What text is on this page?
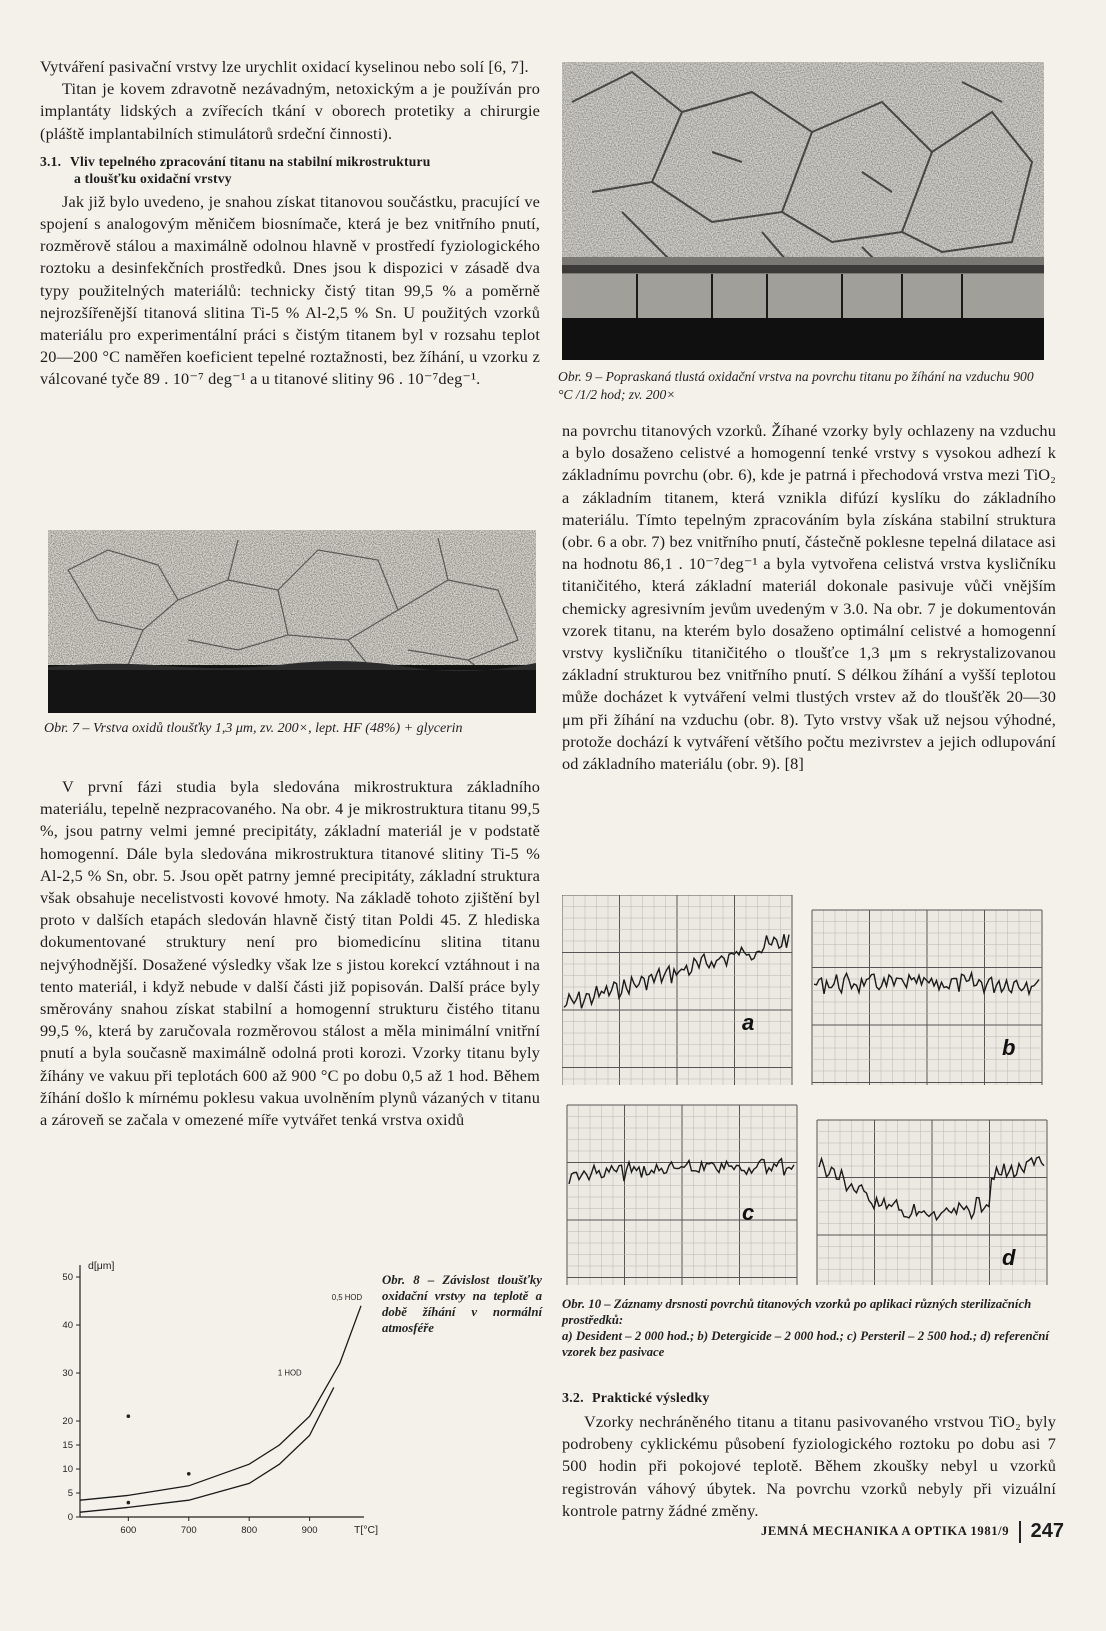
Vytváření pasivační vrstvy lze urychlit oxidací kyselinou nebo solí [6, 7].

Titan je kovem zdravotně nezávadným, netoxickým a je používán pro implantáty lidských a zvířecích tkání v oborech protetiky a chirurgie (pláště implantabilních stimulátorů srdeční činnosti).

3.1. Vliv tepelného zpracování titanu na stabilní mikrostrukturu
a tloušťku oxidační vrstvy

Jak již bylo uvedeno, je snahou získat titanovou součástku, pracující ve spojení s analogovým měničem biosnímače, která je bez vnitřního pnutí, rozměrově stálou a maximálně odolnou hlavně v prostředí fyziologického roztoku a desinfekčních prostředků. Dnes jsou k dispozici v zásadě dva typy použitelných materiálů: technicky čistý titan 99,5 % a poměrně nejrozšířenější titanová slitina Ti-5 % Al-2,5 % Sn. U použitých vzorků materiálu pro experimentální práci s čistým titanem byl v rozsahu teplot 20—200 °C naměřen koeficient tepelné roztažnosti, bez žíhání, u vzorku z válcované tyče 89 . 10⁻⁷ deg⁻¹ a u titanové slitiny 96 . 10⁻⁷deg⁻¹.

Obr. 7 – Vrstva oxidů tloušťky 1,3 μm, zv. 200×, lept. HF (48%) + glycerin

V první fázi studia byla sledována mikrostruktura základního materiálu, tepelně nezpracovaného. Na obr. 4 je mikrostruktura titanu 99,5 %, jsou patrny velmi jemné precipitáty, základní materiál je v podstatě homogenní. Dále byla sledována mikrostruktura titanové slitiny Ti-5 % Al-2,5 % Sn, obr. 5. Jsou opět patrny jemné precipitáty, základní struktura však obsahuje necelistvosti kovové hmoty. Na základě tohoto zjištění byl proto v dalších etapách sledován hlavně čistý titan Poldi 45. Z hlediska dokumentované struktury není pro biomedicínu slitina titanu nejvýhodnější. Dosažené výsledky však lze s jistou korekcí vztáhnout i na tento materiál, i když nebude v další části již popisován. Další práce byly směrovány snahou získat stabilní a homogenní strukturu čistého titanu 99,5 %, která by zaručovala rozměrovou stálost a měla minimální vnitřní pnutí a byla současně maximálně odolná proti korozi. Vzorky titanu byly žíhány ve vakuu při teplotách 600 až 900 °C po dobu 0,5 až 1 hod. Během žíhání došlo k mírnému poklesu vakua uvolněním plynů vázaných v titanu a zároveň se začala v omezené míře vytvářet tenká vrstva oxidů

600	700	800	900
0
5
10
15
20
30
40
50
T[°C]
d[μm]
0,5 HOD
1 HOD
Obr. 8 – Závislost tloušťky oxidační vrstvy na teplotě a době žíhání v normální atmosféře
Obr. 9 – Popraskaná tlustá oxidační vrstva na povrchu titanu po žíhání na vzduchu 900 °C /1/2 hod; zv. 200×

na povrchu titanových vzorků. Žíhané vzorky byly ochlazeny na vzduchu a bylo dosaženo celistvé a homogenní tenké vrstvy s vysokou adhezí k základnímu povrchu (obr. 6), kde je patrná i přechodová vrstva mezi TiO₂ a základním titanem, která vznikla difúzí kyslíku do základního materiálu. Tímto tepelným zpracováním byla získána stabilní struktura (obr. 6 a obr. 7) bez vnitřního pnutí, částečně poklesne tepelná dilatace asi na hodnotu 86,1 . 10⁻⁷deg⁻¹ a byla vytvořena celistvá vrstva kysličníku titaničitého, která základní materiál dokonale pasivuje vůči vnějším chemicky agresivním jevům uvedeným v 3.0. Na obr. 7 je dokumentován vzorek titanu, na kterém bylo dosaženo optimální celistvé a homogenní vrstvy kysličníku titaničitého o tloušťce 1,3 μm s rekrystalizovanou základní strukturou bez vnitřního pnutí. S délkou žíhání a vyšší teplotou může docházet k vytváření velmi tlustých vrstev až do tloušťěk 20—30 μm při žíhání na vzduchu (obr. 8). Tyto vrstvy však už nejsou výhodné, protože dochází k vytváření většího počtu mezivrstev a jejich odlupování od základního materiálu (obr. 9). [8]

a
b
c
d
Obr. 10 – Záznamy drsnosti povrchů titanových vzorků po aplikaci různých sterilizačních prostředků:
a) Desident – 2 000 hod.; b) Detergicide – 2 000 hod.; c) Persteril – 2 500 hod.; d) referenční vzorek bez pasivace
3.2. Praktické výsledky

Vzorky nechráněného titanu a titanu pasivovaného vrstvou TiO₂ byly podrobeny cyklickému působení fyziologického roztoku po dobu asi 7 500 hodin při pokojové teplotě. Během zkoušky nebyl u vzorků registrován váhový úbytek. Na povrchu vzorků nebyly při vizuální kontrole patrny žádné změny.

JEMNÁ MECHANIKA A OPTIKA 1981/9 247
